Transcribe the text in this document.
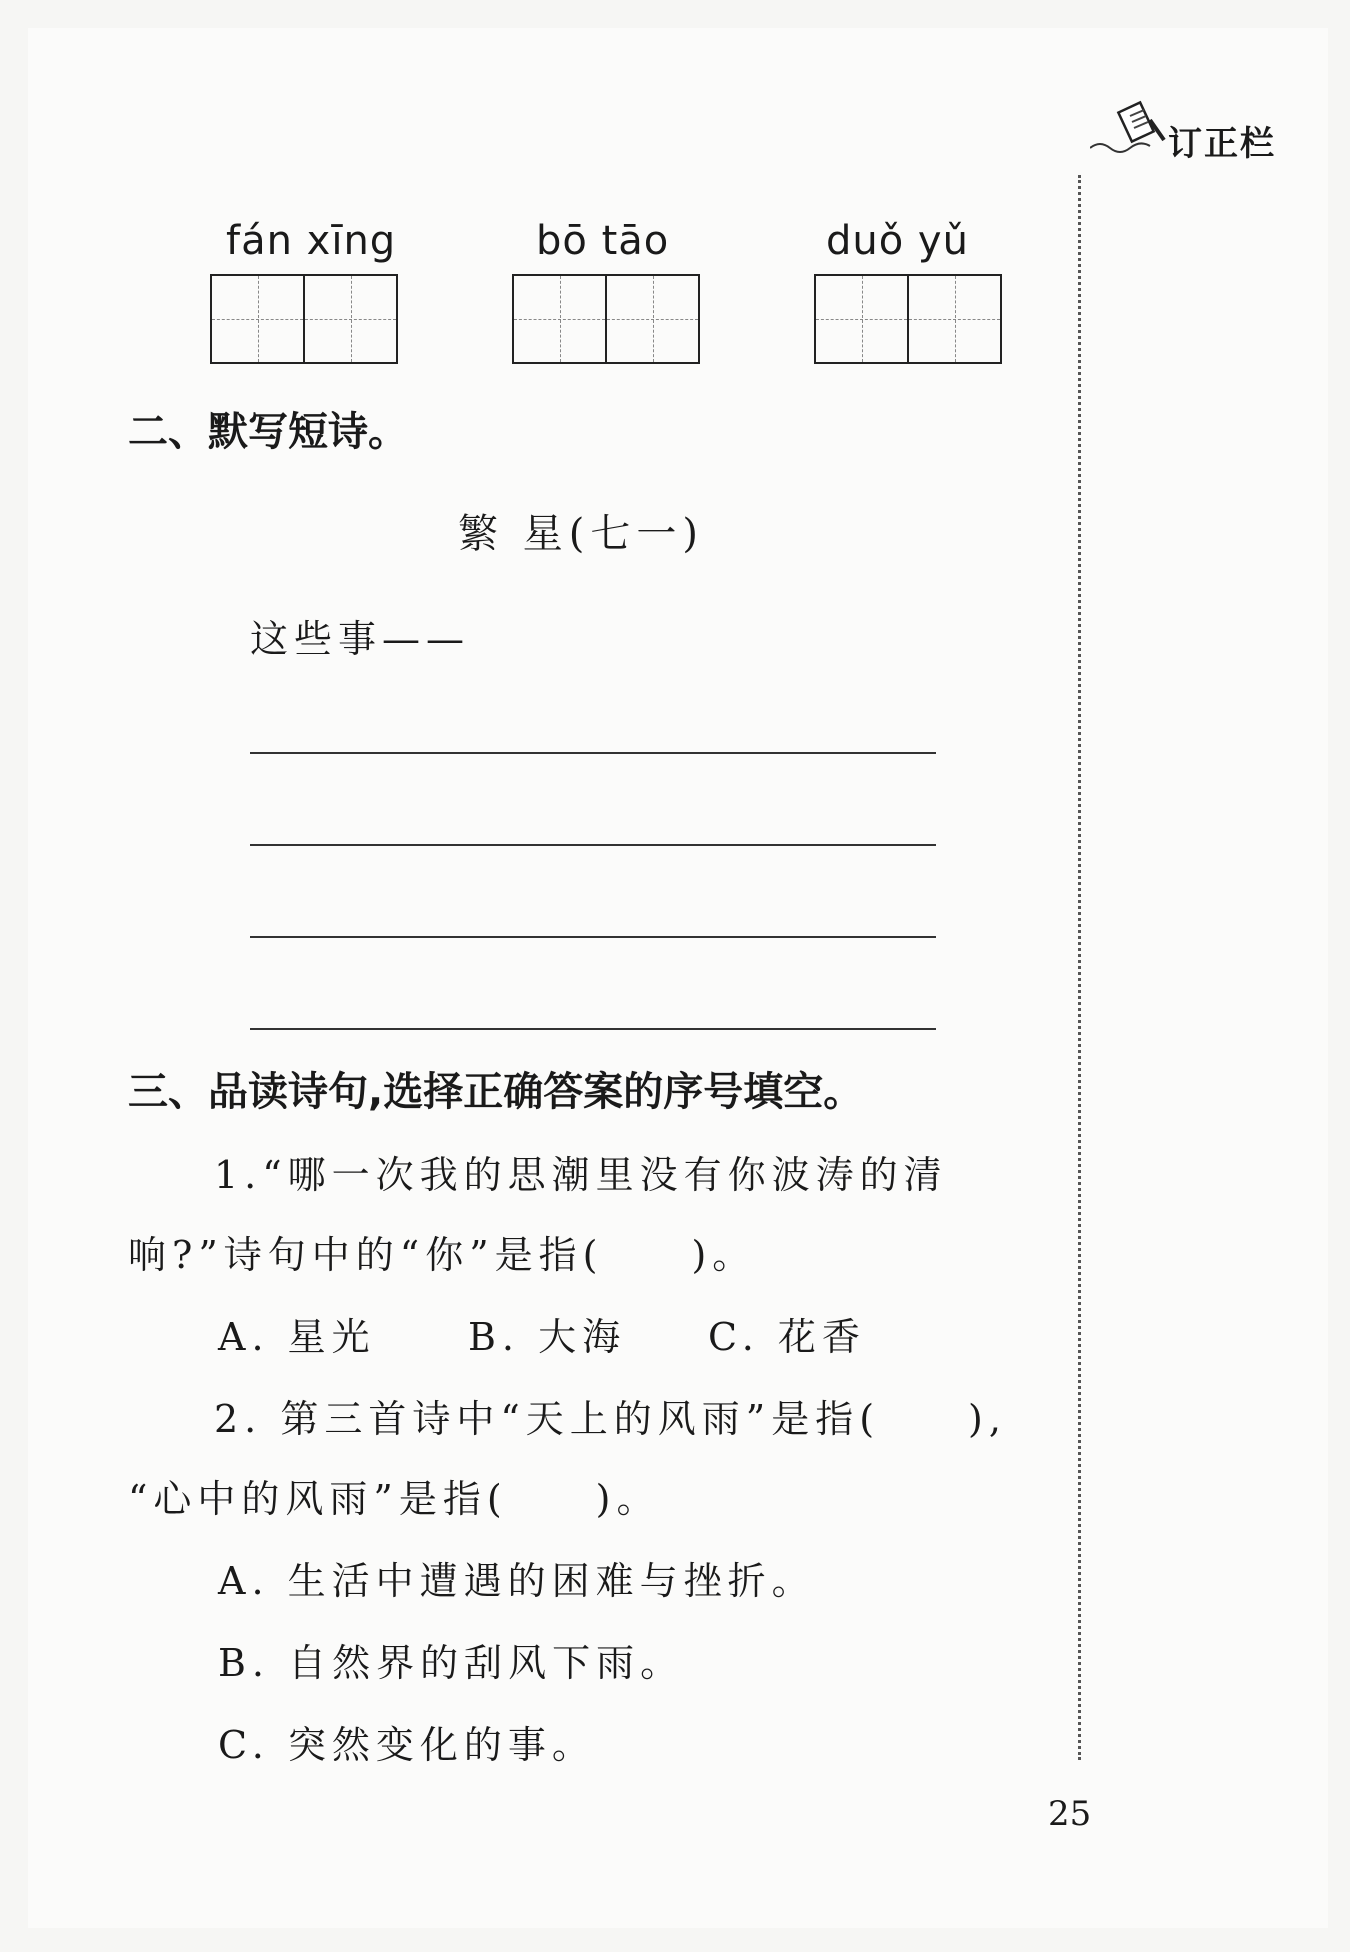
订正栏
fán xīng	bō tāo	duǒ yǔ
二、默写短诗。
繁 星(七一)
这些事——
三、品读诗句,选择正确答案的序号填空。
1.“哪一次我的思潮里没有你波涛的清
响?”诗句中的“你”是指(　　)。
A. 星光 B. 大海 C. 花香
2. 第三首诗中“天上的风雨”是指(　　),
“心中的风雨”是指(　　)。
A. 生活中遭遇的困难与挫折。
B. 自然界的刮风下雨。
C. 突然变化的事。
25
